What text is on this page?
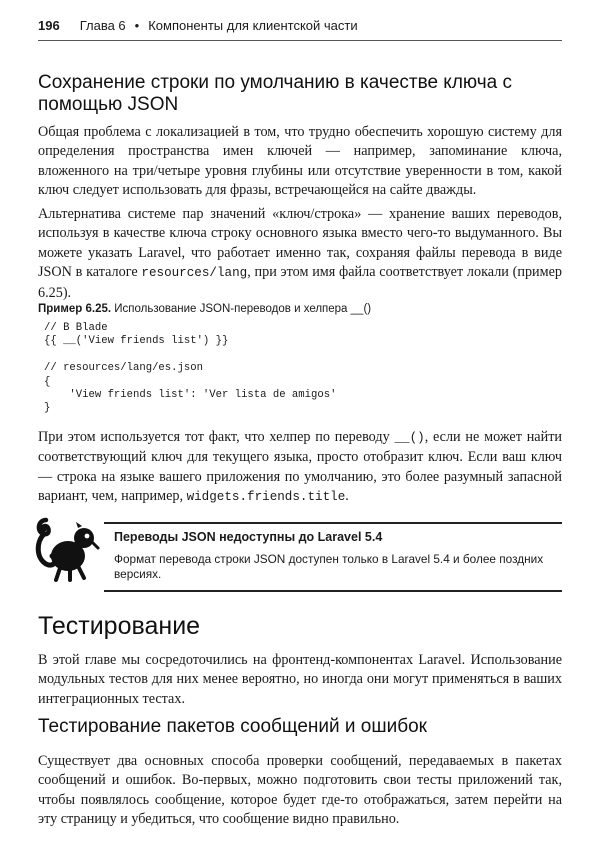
196 Глава 6 • Компоненты для клиентской части
Сохранение строки по умолчанию в качестве ключа с помощью JSON

Общая проблема с локализацией в том, что трудно обеспечить хорошую систему для определения пространства имен ключей — например, запоминание ключа, вложенного на три/четыре уровня глубины или отсутствие уверенности в том, какой ключ следует использовать для фразы, встречающейся на сайте дважды.

Альтернатива системе пар значений «ключ/строка» — хранение ваших переводов, используя в качестве ключа строку основного языка вместо чего-то выдуманного. Вы можете указать Laravel, что работает именно так, сохраняя файлы перевода в виде JSON в каталоге resources/lang, при этом имя файла соответствует локали (пример 6.25).

Пример 6.25. Использование JSON-переводов и хелпера __()
// В Blade
{{ __('View friends list') }}

// resources/lang/es.json
{
'View friends list': 'Ver lista de amigos'
}

При этом используется тот факт, что хелпер по переводу __(), если не может найти соответствующий ключ для текущего языка, просто отобразит ключ. Если ваш ключ — строка на языке вашего приложения по умолчанию, это более разумный запасной вариант, чем, например, widgets.friends.title.

Переводы JSON недоступны до Laravel 5.4
Формат перевода строки JSON доступен только в Laravel 5.4 и более поздних версиях.
Тестирование

В этой главе мы сосредоточились на фронтенд-компонентах Laravel. Использование модульных тестов для них менее вероятно, но иногда они могут применяться в ваших интеграционных тестах.

Тестирование пакетов сообщений и ошибок

Существует два основных способа проверки сообщений, передаваемых в пакетах сообщений и ошибок. Во-первых, можно подготовить свои тесты приложений так, чтобы появлялось сообщение, которое будет где-то отображаться, затем перейти на эту страницу и убедиться, что сообщение видно правильно.
